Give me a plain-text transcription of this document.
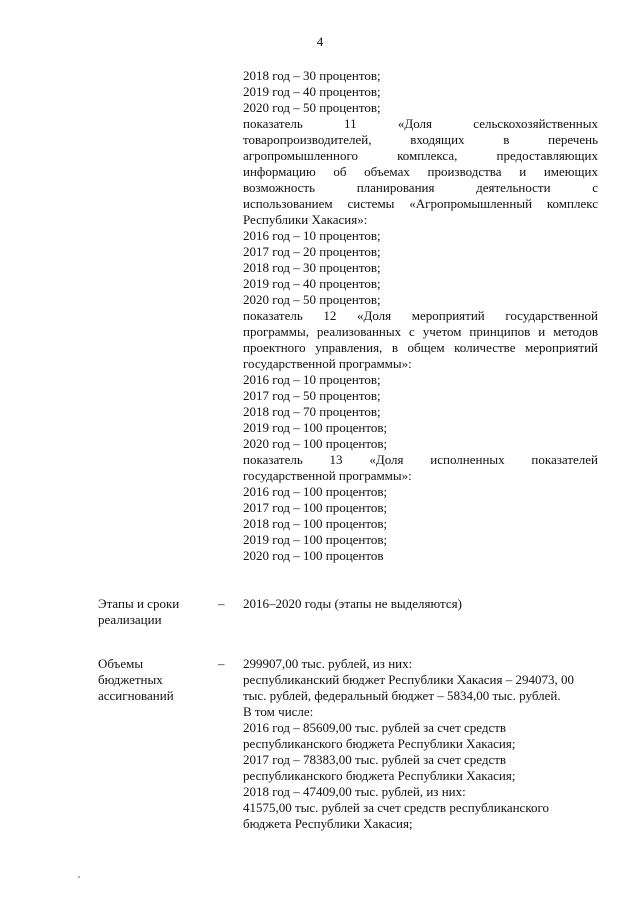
4

2018 год – 30 процентов;

2019 год – 40 процентов;

2020 год – 50 процентов;

показатель 11 «Доля сельскохозяйственных

товаропроизводителей, входящих в перечень

агропромышленного комплекса, предоставляющих

информацию об объемах производства и имеющих

возможность планирования деятельности с

использованием системы «Агропромышленный комплекс

Республики Хакасия»:

2016 год – 10 процентов;

2017 год – 20 процентов;

2018 год – 30 процентов;

2019 год – 40 процентов;

2020 год – 50 процентов;

показатель 12 «Доля мероприятий государственной

программы, реализованных с учетом принципов и методов

проектного управления, в общем количестве мероприятий

государственной программы»:

2016 год – 10 процентов;

2017 год – 50 процентов;

2018 год – 70 процентов;

2019 год – 100 процентов;

2020 год – 100 процентов;

показатель 13 «Доля исполненных показателей

государственной программы»:

2016 год – 100 процентов;

2017 год – 100 процентов;

2018 год – 100 процентов;

2019 год – 100 процентов;

2020 год – 100 процентов

Этапы и сроки
реализации
– 2016–2020 годы (этапы не выделяются)
Объемы
бюджетных
ассигнований
– 299907,00 тыс. рублей, из них:

республиканский бюджет Республики Хакасия – 294073, 00

тыс. рублей, федеральный бюджет – 5834,00 тыс. рублей.

В том числе:

2016 год – 85609,00 тыс. рублей за счет средств

республиканского бюджета Республики Хакасия;

2017 год – 78383,00 тыс. рублей за счет средств

республиканского бюджета Республики Хакасия;

2018 год – 47409,00 тыс. рублей, из них:

41575,00 тыс. рублей за счет средств республиканского

бюджета Республики Хакасия;
